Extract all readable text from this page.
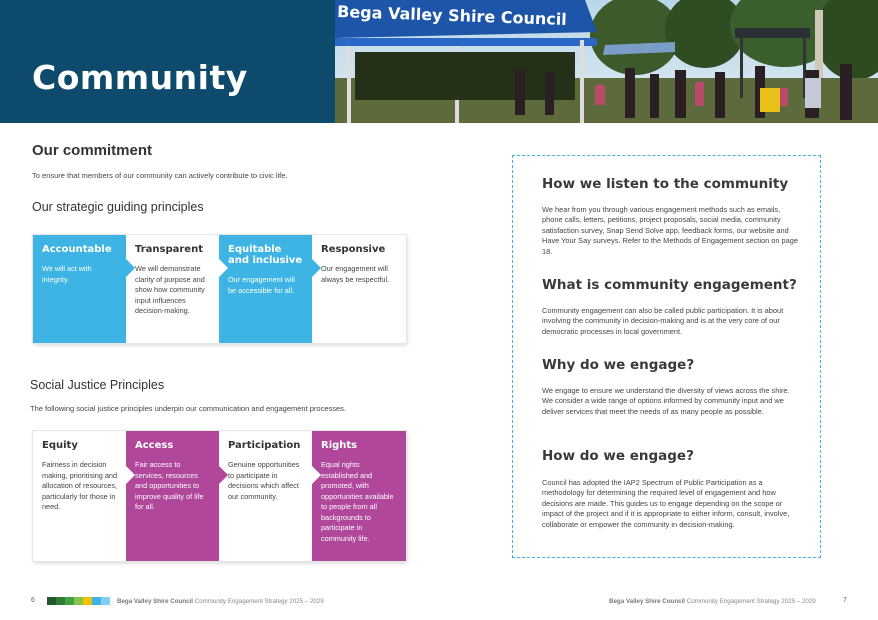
Community
Bega Valley Shire Council
Our commitment
To ensure that members of our community can actively contribute to civic life.
Our strategic guiding principles
Accountable
We will act with integrity.
Transparent
We will demonstrate clarity of purpose and show how community input influences decision-making.
Equitable and inclusive
Our engagement will be accessible for all.
Responsive
Our engagement will always be respectful.
Social Justice Principles
The following social justice principles underpin our communication and engagement processes.
Equity
Fairness in decision making, prioritising and allocation of resources, particularly for those in need.
Access
Fair access to services, resources and opportunities to improve quality of life for all.
Participation
Genuine opportunities to participate in decisions which affect our community.
Rights
Equal rights established and promoted, with opportunities available to people from all backgrounds to participate in community life.
How we listen to the community
We hear from you through various engagement methods such as emails, phone calls, letters, petitions, project proposals, social media, community satisfaction survey, Snap Send Solve app, feedback forms, our website and Have Your Say surveys. Refer to the Methods of Engagement section on page 18.
What is community engagement?
Community engagement can also be called public participation. It is about involving the community in decision-making and is at the very core of our democratic processes in local government.
Why do we engage?
We engage to ensure we understand the diversity of views across the shire. We consider a wide range of options informed by community input and we deliver services that meet the needs of as many people as possible.
How do we engage?
Council has adopted the IAP2 Spectrum of Public Participation as a methodology for determining the required level of engagement and how decisions are made. This guides us to engage depending on the scope or impact of the project and if it is appropriate to either inform, consult, involve, collaborate or empower the community in decision-making.
6	Bega Valley Shire Council Community Engagement Strategy 2025 – 2029	Bega Valley Shire Council Community Engagement Strategy 2025 – 2029	7
